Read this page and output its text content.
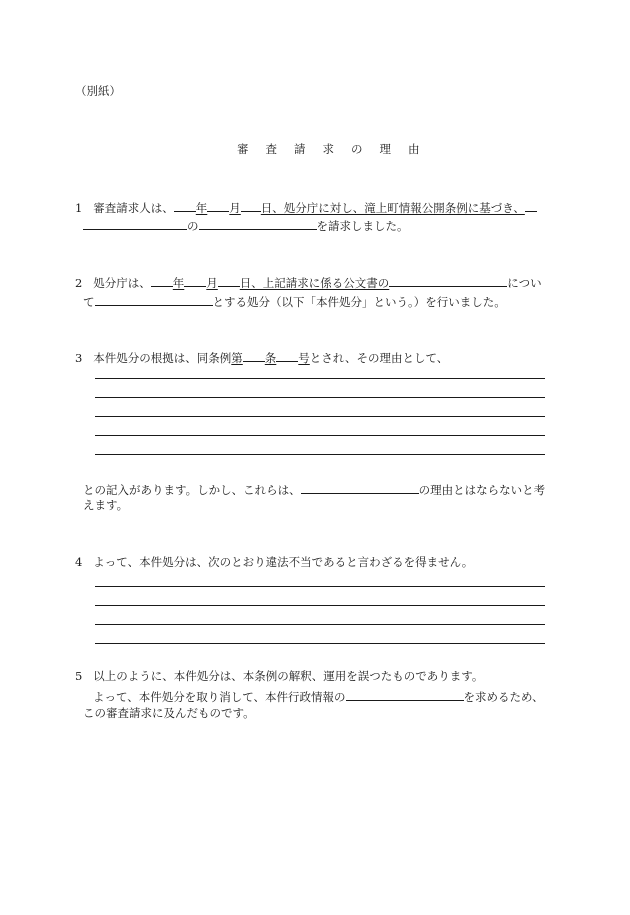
（別紙）
審 査 請 求 の 理 由
1 審査請求人は、 年 月 日、処分庁に対し、滝上町情報公開条例に基づき、
の	を請求しました。
2 処分庁は、 年 月 日、上記請求に係る公文書の	につい
て	とする処分（以下「本件処分」という。）を行いました。
3 本件処分の根拠は、同条例第 条 号とされ、その理由として、
との記入があります。しかし、これらは、	の理由とはならないと考
えます。
4 よって、本件処分は、次のとおり違法不当であると言わざるを得ません。
5 以上のように、本件処分は、本条例の解釈、運用を誤つたものであります。
よって、本件処分を取り消して、本件行政情報の	を求めるため、
この審査請求に及んだものです。
